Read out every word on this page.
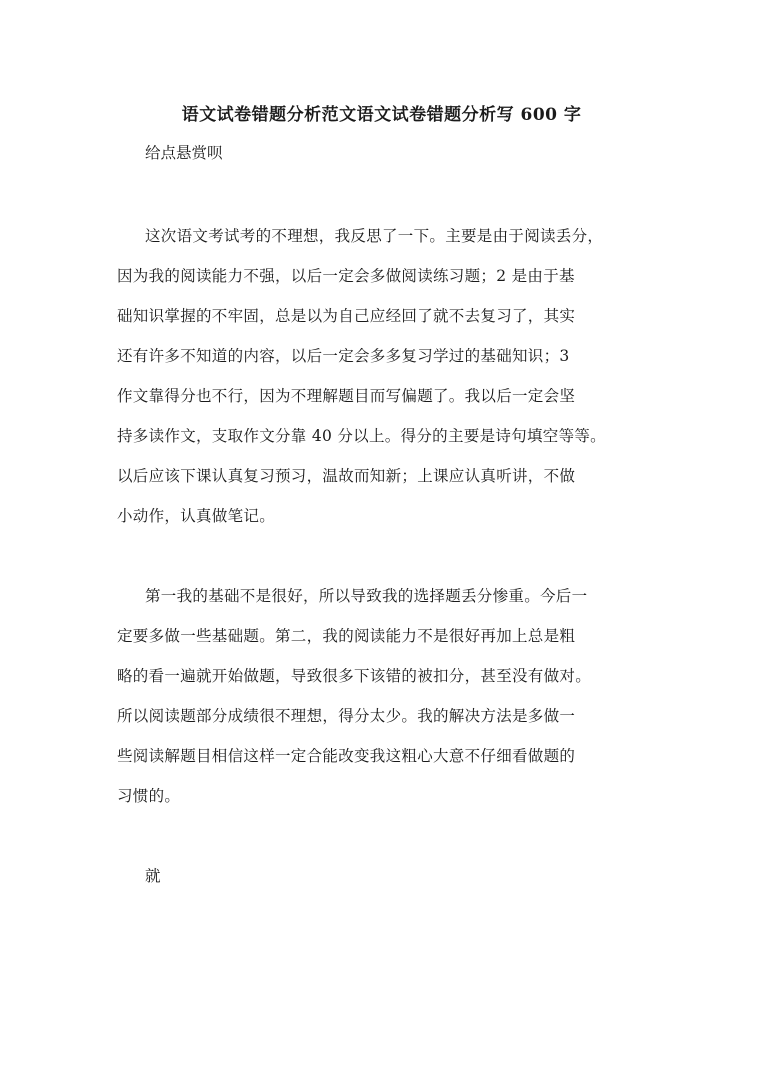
语文试卷错题分析范文语文试卷错题分析写 600 字
给点悬赏呗
这次语文考试考的不理想，我反思了一下。主要是由于阅读丢分，
因为我的阅读能力不强，以后一定会多做阅读练习题；2 是由于基
础知识掌握的不牢固，总是以为自己应经回了就不去复习了，其实
还有许多不知道的内容，以后一定会多多复习学过的基础知识；3
作文靠得分也不行，因为不理解题目而写偏题了。我以后一定会坚
持多读作文，支取作文分靠 40 分以上。得分的主要是诗句填空等等。
以后应该下课认真复习预习，温故而知新；上课应认真听讲，不做
小动作，认真做笔记。
第一我的基础不是很好，所以导致我的选择题丢分惨重。今后一
定要多做一些基础题。第二，我的阅读能力不是很好再加上总是粗
略的看一遍就开始做题，导致很多下该错的被扣分，甚至没有做对。
所以阅读题部分成绩很不理想，得分太少。我的解决方法是多做一
些阅读解题目相信这样一定合能改变我这粗心大意不仔细看做题的
习惯的。
就
